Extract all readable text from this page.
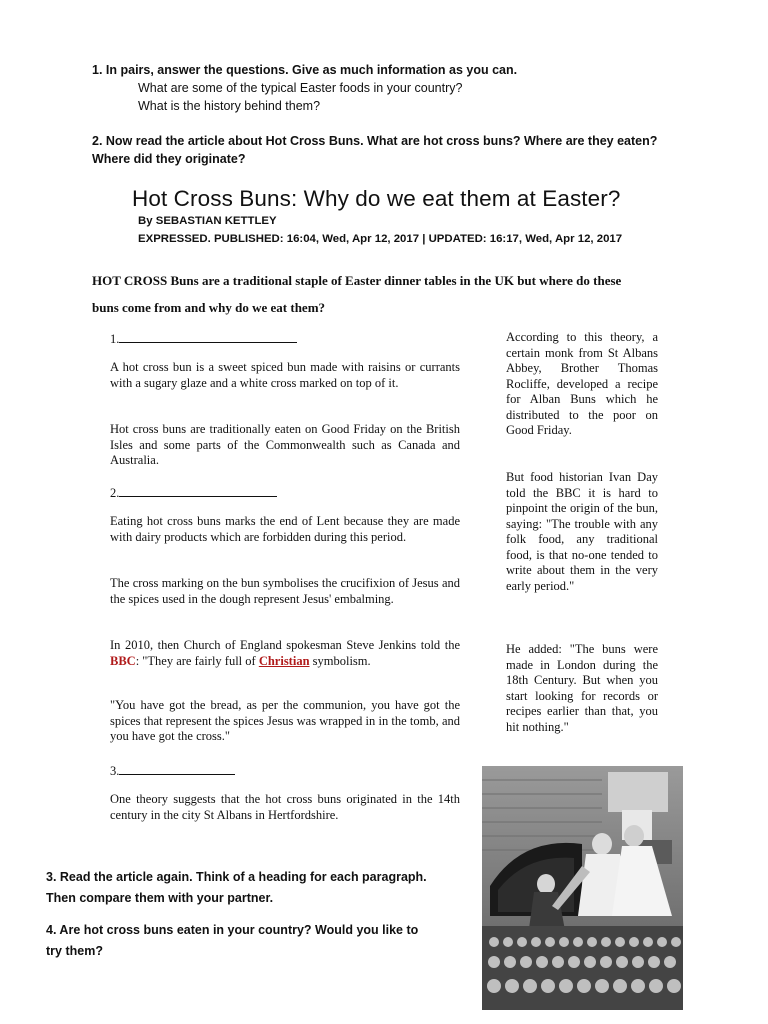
1. In pairs, answer the questions. Give as much information as you can.
What are some of the typical Easter foods in your country?
What is the history behind them?
2. Now read the article about Hot Cross Buns. What are hot cross buns? Where are they eaten?
Where did they originate?
Hot Cross Buns: Why do we eat them at Easter?
By SEBASTIAN KETTLEY
EXPRESSED. PUBLISHED: 16:04, Wed, Apr 12, 2017 | UPDATED: 16:17, Wed, Apr 12, 2017
HOT CROSS Buns are a traditional staple of Easter dinner tables in the UK but where do these
buns come from and why do we eat them?
1.
A hot cross bun is a sweet spiced bun made with raisins or currants with a sugary glaze and a white cross marked on top of it.
Hot cross buns are traditionally eaten on Good Friday on the British Isles and some parts of the Commonwealth such as Canada and Australia.
2.
Eating hot cross buns marks the end of Lent because they are made with dairy products which are forbidden during this period.
The cross marking on the bun symbolises the crucifixion of Jesus and the spices used in the dough represent Jesus' embalming.
In 2010, then Church of England spokesman Steve Jenkins told the BBC: "They are fairly full of Christian symbolism.
"You have got the bread, as per the communion, you have got the spices that represent the spices Jesus was wrapped in in the tomb, and you have got the cross."
3.
One theory suggests that the hot cross buns originated in the 14th century in the city St Albans in Hertfordshire.
According to this theory, a certain monk from St Albans Abbey, Brother Thomas Rocliffe, developed a recipe for Alban Buns which he distributed to the poor on Good Friday.
But food historian Ivan Day told the BBC it is hard to pinpoint the origin of the bun, saying: "The trouble with any folk food, any traditional food, is that no-one tended to write about them in the very early period."
He added: "The buns were made in London during the 18th Century. But when you start looking for records or recipes earlier than that, you hit nothing."
3. Read the article again. Think of a heading for each paragraph.
Then compare them with your partner.
4. Are hot cross buns eaten in your country? Would you like to
try them?
